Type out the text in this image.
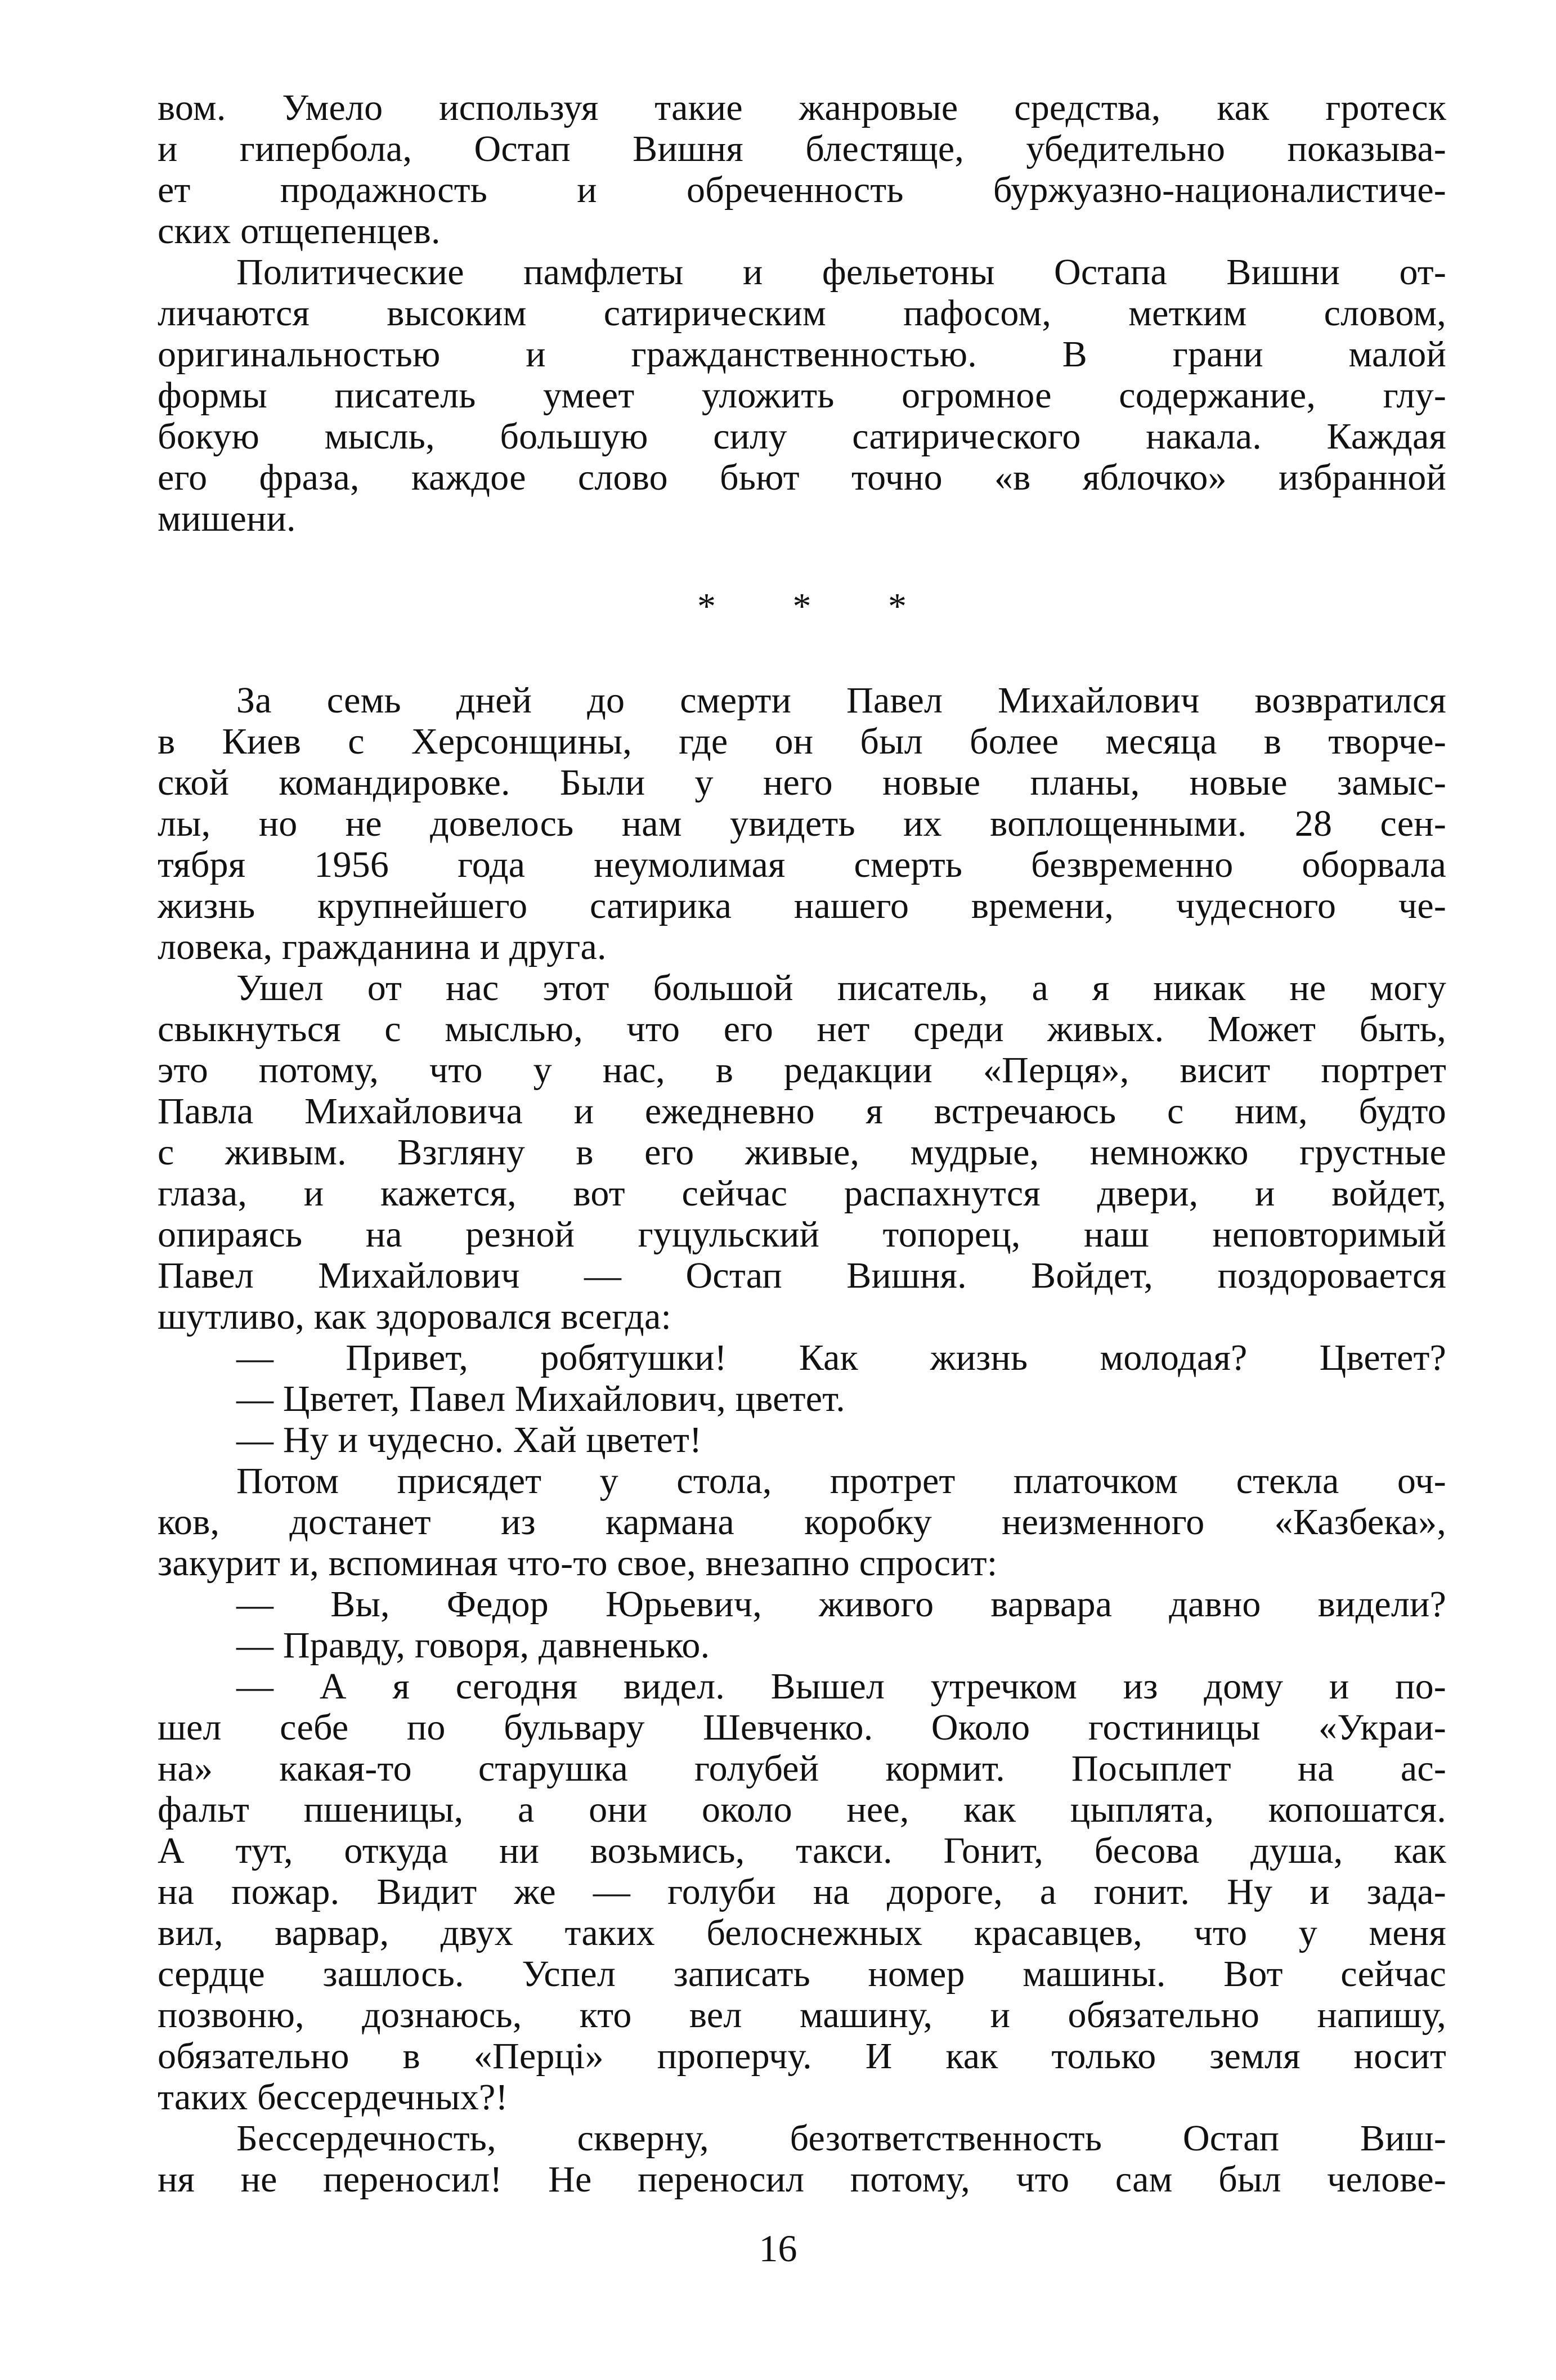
вом. Умело используя такие жанровые средства, как гротеск
и гипербола, Остап Вишня блестяще, убедительно показыва-
ет продажность и обреченность буржуазно-националистиче-
ских отщепенцев.
Политические памфлеты и фельетоны Остапа Вишни от-
личаются высоким сатирическим пафосом, метким словом,
оригинальностью и гражданственностью. В грани малой
формы писатель умеет уложить огромное содержание, глу-
бокую мысль, большую силу сатирического накала. Каждая
его фраза, каждое слово бьют точно «в яблочко» избранной
мишени.
* * *
За семь дней до смерти Павел Михайлович возвратился
в Киев с Херсонщины, где он был более месяца в творче-
ской командировке. Были у него новые планы, новые замыс-
лы, но не довелось нам увидеть их воплощенными. 28 сен-
тября 1956 года неумолимая смерть безвременно оборвала
жизнь крупнейшего сатирика нашего времени, чудесного че-
ловека, гражданина и друга.
Ушел от нас этот большой писатель, а я никак не могу
свыкнуться с мыслью, что его нет среди живых. Может быть,
это потому, что у нас, в редакции «Перця», висит портрет
Павла Михайловича и ежедневно я встречаюсь с ним, будто
с живым. Взгляну в его живые, мудрые, немножко грустные
глаза, и кажется, вот сейчас распахнутся двери, и войдет,
опираясь на резной гуцульский топорец, наш неповторимый
Павел Михайлович — Остап Вишня. Войдет, поздоровается
шутливо, как здоровался всегда:
— Привет, робятушки! Как жизнь молодая? Цветет?
— Цветет, Павел Михайлович, цветет.
— Ну и чудесно. Хай цветет!
Потом присядет у стола, протрет платочком стекла оч-
ков, достанет из кармана коробку неизменного «Казбека»,
закурит и, вспоминая что-то свое, внезапно спросит:
— Вы, Федор Юрьевич, живого варвара давно видели?
— Правду, говоря, давненько.
— А я сегодня видел. Вышел утречком из дому и по-
шел себе по бульвару Шевченко. Около гостиницы «Украи-
на» какая-то старушка голубей кормит. Посыплет на ас-
фальт пшеницы, а они около нее, как цыплята, копошатся.
А тут, откуда ни возьмись, такси. Гонит, бесова душа, как
на пожар. Видит же — голуби на дороге, а гонит. Ну и зада-
вил, варвар, двух таких белоснежных красавцев, что у меня
сердце зашлось. Успел записать номер машины. Вот сейчас
позвоню, дознаюсь, кто вел машину, и обязательно напишу,
обязательно в «Перці» проперчу. И как только земля носит
таких бессердечных?!
Бессердечность, скверну, безответственность Остап Виш-
ня не переносил! Не переносил потому, что сам был челове-
16
